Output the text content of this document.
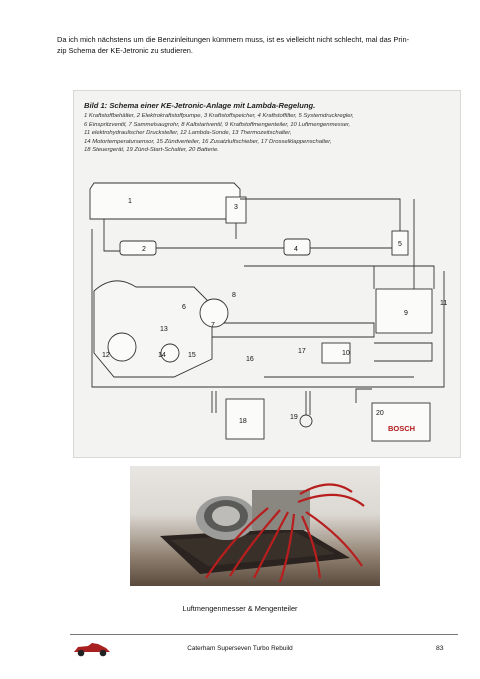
Da ich mich nächstens um die Benzinleitungen kümmern muss, ist es vielleicht nicht schlecht, mal das Prin-
zip Schema der KE-Jetronic zu studieren.
Bild 1: Schema einer KE-Jetronic-Anlage mit Lambda-Regelung.
1 Kraftstoffbehälter, 2 Elektrokraftstoffpumpe, 3 Kraftstoffspeicher, 4 Kraftstoffilter, 5 Systemdruckregler,
6 Einspritzventil, 7 Sammelsaugrohr, 8 Kaltstartventil, 9 Kraftstoffmengenteiler, 10 Luftmengenmesser,
11 elektrohydraulischer Drucksteller, 12 Lambda-Sonde, 13 Thermozeitschalter,
14 Motortemperatursensor, 15 Zündverteiler, 16 Zusatzluftschieber, 17 Drosselklappenschalter,
18 Steuergerät, 19 Zünd-Start-Schalter, 20 Batterie.
1
2
3
4
5
6
7
8
9
10
11
12
13
14	15
16
17
18
19
20
BOSCH
Luftmengenmesser & Mengenteiler
Caterham Superseven Turbo Rebuild	83
